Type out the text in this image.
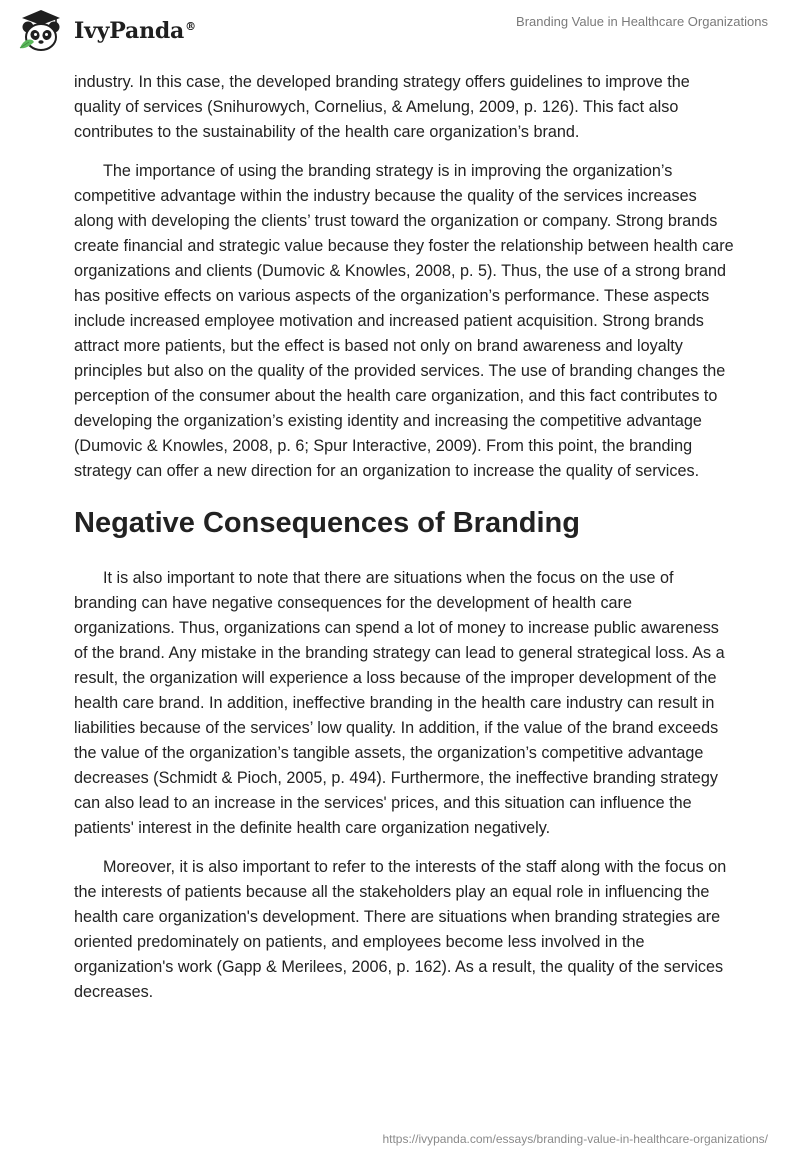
IvyPanda®	Branding Value in Healthcare Organizations

industry. In this case, the developed branding strategy offers guidelines to improve the quality of services (Snihurowych, Cornelius, & Amelung, 2009, p. 126). This fact also contributes to the sustainability of the health care organization’s brand.

The importance of using the branding strategy is in improving the organization’s competitive advantage within the industry because the quality of the services increases along with developing the clients’ trust toward the organization or company. Strong brands create financial and strategic value because they foster the relationship between health care organizations and clients (Dumovic & Knowles, 2008, p. 5). Thus, the use of a strong brand has positive effects on various aspects of the organization’s performance. These aspects include increased employee motivation and increased patient acquisition. Strong brands attract more patients, but the effect is based not only on brand awareness and loyalty principles but also on the quality of the provided services. The use of branding changes the perception of the consumer about the health care organization, and this fact contributes to developing the organization’s existing identity and increasing the competitive advantage (Dumovic & Knowles, 2008, p. 6; Spur Interactive, 2009). From this point, the branding strategy can offer a new direction for an organization to increase the quality of services.

Negative Consequences of Branding

It is also important to note that there are situations when the focus on the use of branding can have negative consequences for the development of health care organizations. Thus, organizations can spend a lot of money to increase public awareness of the brand. Any mistake in the branding strategy can lead to general strategical loss. As a result, the organization will experience a loss because of the improper development of the health care brand. In addition, ineffective branding in the health care industry can result in liabilities because of the services’ low quality. In addition, if the value of the brand exceeds the value of the organization’s tangible assets, the organization’s competitive advantage decreases (Schmidt & Pioch, 2005, p. 494). Furthermore, the ineffective branding strategy can also lead to an increase in the services' prices, and this situation can influence the patients' interest in the definite health care organization negatively.

Moreover, it is also important to refer to the interests of the staff along with the focus on the interests of patients because all the stakeholders play an equal role in influencing the health care organization's development. There are situations when branding strategies are oriented predominately on patients, and employees become less involved in the organization's work (Gapp & Merilees, 2006, p. 162). As a result, the quality of the services decreases.

https://ivypanda.com/essays/branding-value-in-healthcare-organizations/
